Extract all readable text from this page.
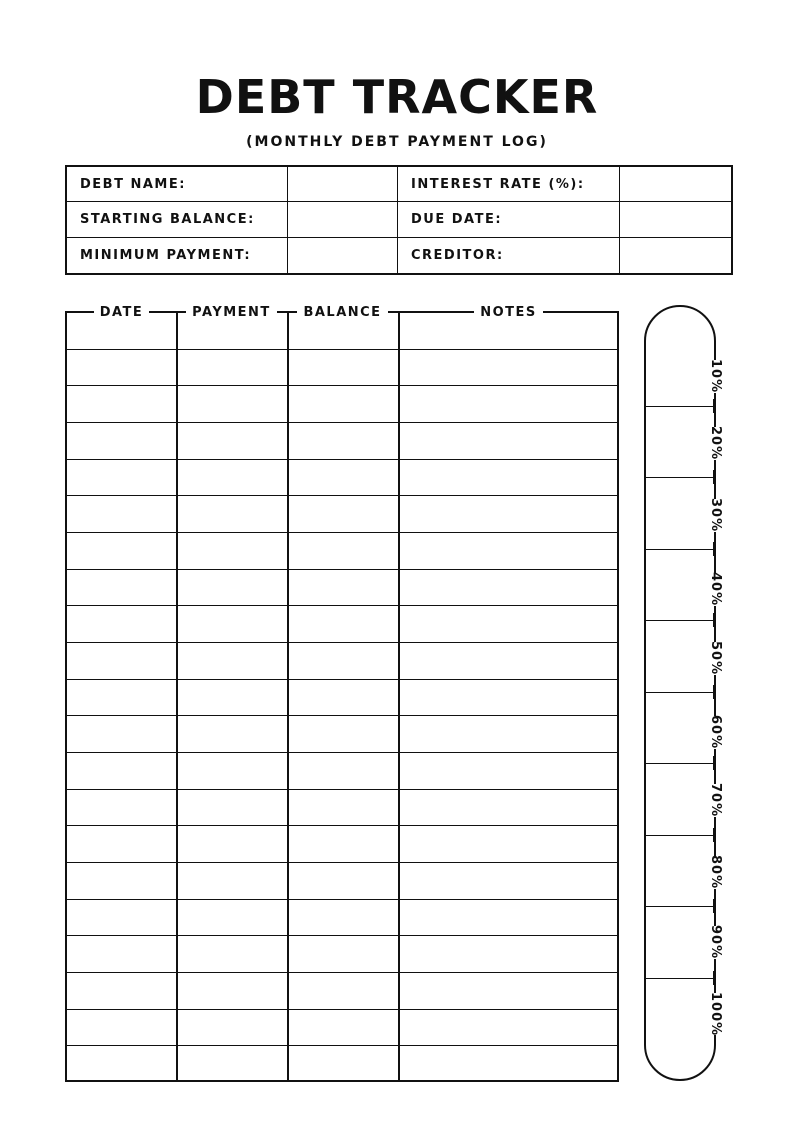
DEBT TRACKER
(MONTHLY DEBT PAYMENT LOG)
DEBT NAME:	INTEREST RATE (%):
STARTING BALANCE:	DUE DATE:
MINIMUM PAYMENT:	CREDITOR:
DATE	PAYMENT	BALANCE	NOTES
10%
20%
30%
40%
50%
60%
70%
80%
90%
100%
